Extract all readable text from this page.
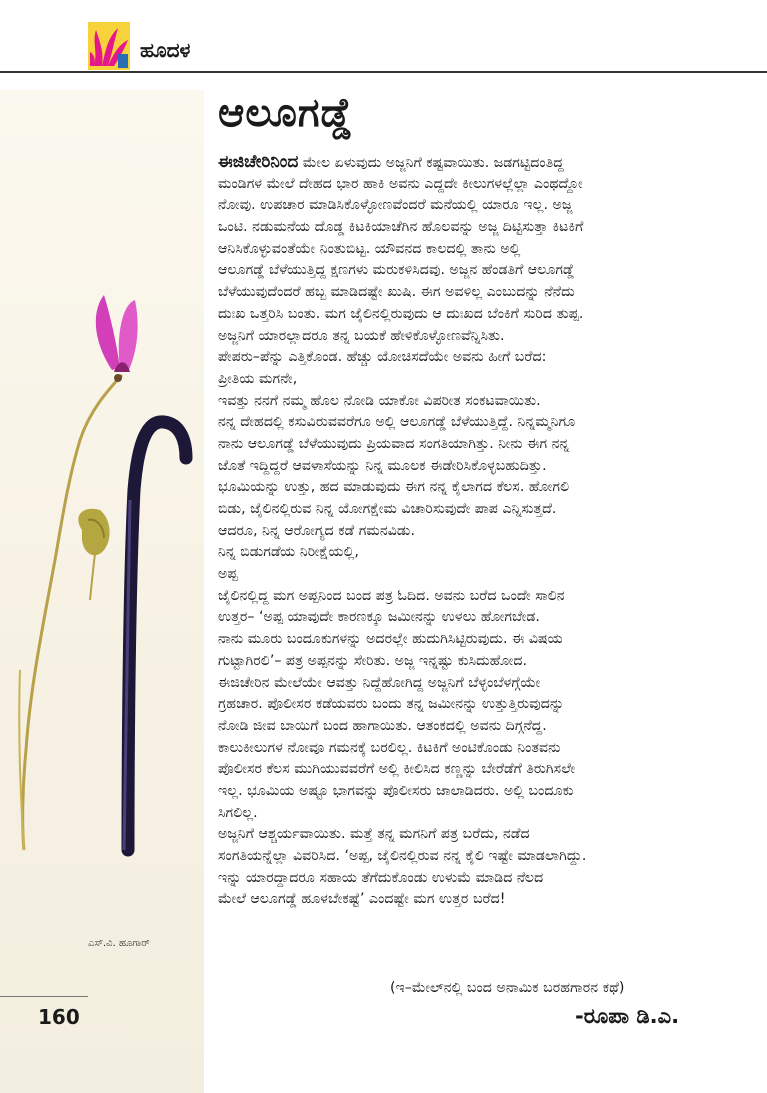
ಹೂದಳ
ಎಸ್.ವಿ. ಹೂಗಾರ್
160
ಆಲೂಗಡ್ಡೆ
ಈಜಿಚೇರಿನಿಂದ ಮೇಲ ಏಳುವುದು ಅಜ್ಜನಿಗೆ ಕಷ್ಟವಾಯಿತು. ಜಡಗಟ್ಟಿದಂತಿದ್ದ
ಮಂಡಿಗಳ ಮೇಲೆ ದೇಹದ ಭಾರ ಹಾಕಿ ಅವನು ಎದ್ದದೇ ಕೀಲುಗಳಲ್ಲೆಲ್ಲಾ ಎಂಥದ್ದೋ
ನೋವು. ಉಪಚಾರ ಮಾಡಿಸಿಕೊಳ್ಳೋಣವೆಂದರೆ ಮನೆಯಲ್ಲಿ ಯಾರೂ ಇಲ್ಲ. ಅಜ್ಜ
ಒಂಟಿ. ನಡುಮನೆಯ ದೊಡ್ಡ ಕಿಟಕಿಯಾಚೆಗಿನ ಹೊಲವನ್ನು ಅಜ್ಜ ದಿಟ್ಟಿಸುತ್ತಾ ಕಿಟಕಿಗೆ
ಆನಿಸಿಕೊಳ್ಳುವಂತೆಯೇ ನಿಂತುಬಿಟ್ಟ. ಯೌವನದ ಕಾಲದಲ್ಲಿ ತಾನು ಅಲ್ಲಿ
ಆಲೂಗಡ್ಡೆ ಬೆಳೆಯುತ್ತಿದ್ದ ಕ್ಷಣಗಳು ಮರುಕಳಿಸಿದವು. ಅಜ್ಜನ ಹೆಂಡತಿಗೆ ಆಲೂಗಡ್ಡೆ
ಬೆಳೆಯುವುದೆಂದರೆ ಹಬ್ಬ ಮಾಡಿದಷ್ಟೇ ಖುಷಿ. ಈಗ ಅವಳಿಲ್ಲ ಎಂಬುದನ್ನು ನೆನೆದು
ದುಃಖ ಒತ್ತರಿಸಿ ಬಂತು. ಮಗ ಜೈಲಿನಲ್ಲಿರುವುದು ಆ ದುಃಖದ ಬೆಂಕಿಗೆ ಸುರಿದ ತುಪ್ಪ.
ಅಜ್ಜನಿಗೆ ಯಾರಲ್ಲಾದರೂ ತನ್ನ ಬಯಕೆ ಹೇಳಿಕೊಳ್ಳೋಣವೆನ್ನಿಸಿತು.
ಪೇಪರು–ಪೆನ್ನು ಎತ್ತಿಕೊಂಡ. ಹೆಚ್ಚು ಯೋಚಿಸದೆಯೇ ಅವನು ಹೀಗೆ ಬರೆದ:
ಪ್ರೀತಿಯ ಮಗನೇ,
ಇವತ್ತು ನನಗೆ ನಮ್ಮ ಹೊಲ ನೋಡಿ ಯಾಕೋ ವಿಪರೀತ ಸಂಕಟವಾಯಿತು.
ನನ್ನ ದೇಹದಲ್ಲಿ ಕಸುವಿರುವವರೆಗೂ ಅಲ್ಲಿ ಆಲೂಗಡ್ಡೆ ಬೆಳೆಯುತ್ತಿದ್ದೆ. ನಿನ್ನಮ್ಮನಿಗೂ
ನಾನು ಆಲೂಗಡ್ಡೆ ಬೆಳೆಯುವುದು ಪ್ರಿಯವಾದ ಸಂಗತಿಯಾಗಿತ್ತು. ನೀನು ಈಗ ನನ್ನ
ಜೊತೆ ಇದ್ದಿದ್ದರೆ ಆವಳಾಸೆಯನ್ನು ನಿನ್ನ ಮೂಲಕ ಈಡೇರಿಸಿಕೊಳ್ಳಬಹುದಿತ್ತು.
ಭೂಮಿಯನ್ನು ಉತ್ತು, ಹದ ಮಾಡುವುದು ಈಗ ನನ್ನ ಕೈಲಾಗದ ಕೆಲಸ. ಹೋಗಲಿ
ಬಿಡು, ಜೈಲಿನಲ್ಲಿರುವ ನಿನ್ನ ಯೋಗಕ್ಷೇಮ ವಿಚಾರಿಸುವುದೇ ಪಾಪ ಎನ್ನಿಸುತ್ತದೆ.
ಆದರೂ, ನಿನ್ನ ಆರೋಗ್ಯದ ಕಡೆ ಗಮನವಿಡು.
ನಿನ್ನ ಬಿಡುಗಡೆಯ ನಿರೀಕ್ಷೆಯಲ್ಲಿ,
ಅಪ್ಪ
ಜೈಲಿನಲ್ಲಿದ್ದ ಮಗ ಅಪ್ಪನಿಂದ ಬಂದ ಪತ್ರ ಓದಿದ. ಅವನು ಬರೆದ ಒಂದೇ ಸಾಲಿನ
ಉತ್ತರ– ‘ಅಪ್ಪ ಯಾವುದೇ ಕಾರಣಕ್ಕೂ ಜಮೀನನ್ನು ಉಳಲು ಹೋಗಬೇಡ.
ನಾನು ಮೂರು ಬಂದೂಕುಗಳನ್ನು ಅದರಲ್ಲೇ ಹುದುಗಿಸಿಟ್ಟಿರುವುದು. ಈ ವಿಷಯ
ಗುಟ್ಟಾಗಿರಲಿ’– ಪತ್ರ ಅಪ್ಪನನ್ನು ಸೇರಿತು. ಅಜ್ಜ ಇನ್ನಷ್ಟು ಕುಸಿದುಹೋದ.
ಈಜಿಚೇರಿನ ಮೇಲೆಯೇ ಆವತ್ತು ನಿದ್ದೆಹೋಗಿದ್ದ ಅಜ್ಜನಿಗೆ ಬೆಳ್ಳಂಬೆಳಗ್ಗೆಯೇ
ಗ್ರಹಚಾರ. ಪೊಲೀಸರ ಕಡೆಯವರು ಬಂದು ತನ್ನ ಜಮೀನನ್ನು ಉತ್ತುತ್ತಿರುವುದನ್ನು
ನೋಡಿ ಜೀವ ಬಾಯಿಗೆ ಬಂದ ಹಾಗಾಯಿತು. ಆತಂಕದಲ್ಲಿ ಅವನು ದಿಗ್ಗನೆದ್ದ.
ಕಾಲುಕೀಲುಗಳ ನೋವೂ ಗಮನಕ್ಕೆ ಬರಲಿಲ್ಲ. ಕಿಟಕಿಗೆ ಅಂಟಿಕೊಂಡು ನಿಂತವನು
ಪೊಲೀಸರ ಕೆಲಸ ಮುಗಿಯುವವರೆಗೆ ಅಲ್ಲಿ ಕೀಲಿಸಿದ ಕಣ್ಣನ್ನು ಬೇರೆಡೆಗೆ ತಿರುಗಿಸಲೇ
ಇಲ್ಲ. ಭೂಮಿಯ ಅಷ್ಟೂ ಭಾಗವನ್ನು ಪೊಲೀಸರು ಜಾಲಾಡಿದರು. ಅಲ್ಲಿ ಬಂದೂಕು
ಸಿಗಲಿಲ್ಲ.
ಅಜ್ಜನಿಗೆ ಆಶ್ಚರ್ಯವಾಯಿತು. ಮತ್ತೆ ತನ್ನ ಮಗನಿಗೆ ಪತ್ರ ಬರೆದು, ನಡೆದ
ಸಂಗತಿಯನ್ನೆಲ್ಲಾ ವಿವರಿಸಿದ. ‘ಅಪ್ಪ, ಜೈಲಿನಲ್ಲಿರುವ ನನ್ನ ಕೈಲಿ ಇಷ್ಟೇ ಮಾಡಲಾಗಿದ್ದು.
ಇನ್ನು ಯಾರದ್ದಾದರೂ ಸಹಾಯ ತೆಗೆದುಕೊಂಡು ಉಳುಮೆ ಮಾಡಿದ ನೆಲದ
ಮೇಲೆ ಆಲೂಗಡ್ಡೆ ಹೂಳಬೇಕಷ್ಟೆ’ ಎಂದಷ್ಟೇ ಮಗ ಉತ್ತರ ಬರೆದ!
(ಇ–ಮೇಲ್‌ನಲ್ಲಿ ಬಂದ ಅನಾಮಿಕ ಬರಹಗಾರನ ಕಥೆ)
-ರೂಪಾ ಡಿ.ಎ.
